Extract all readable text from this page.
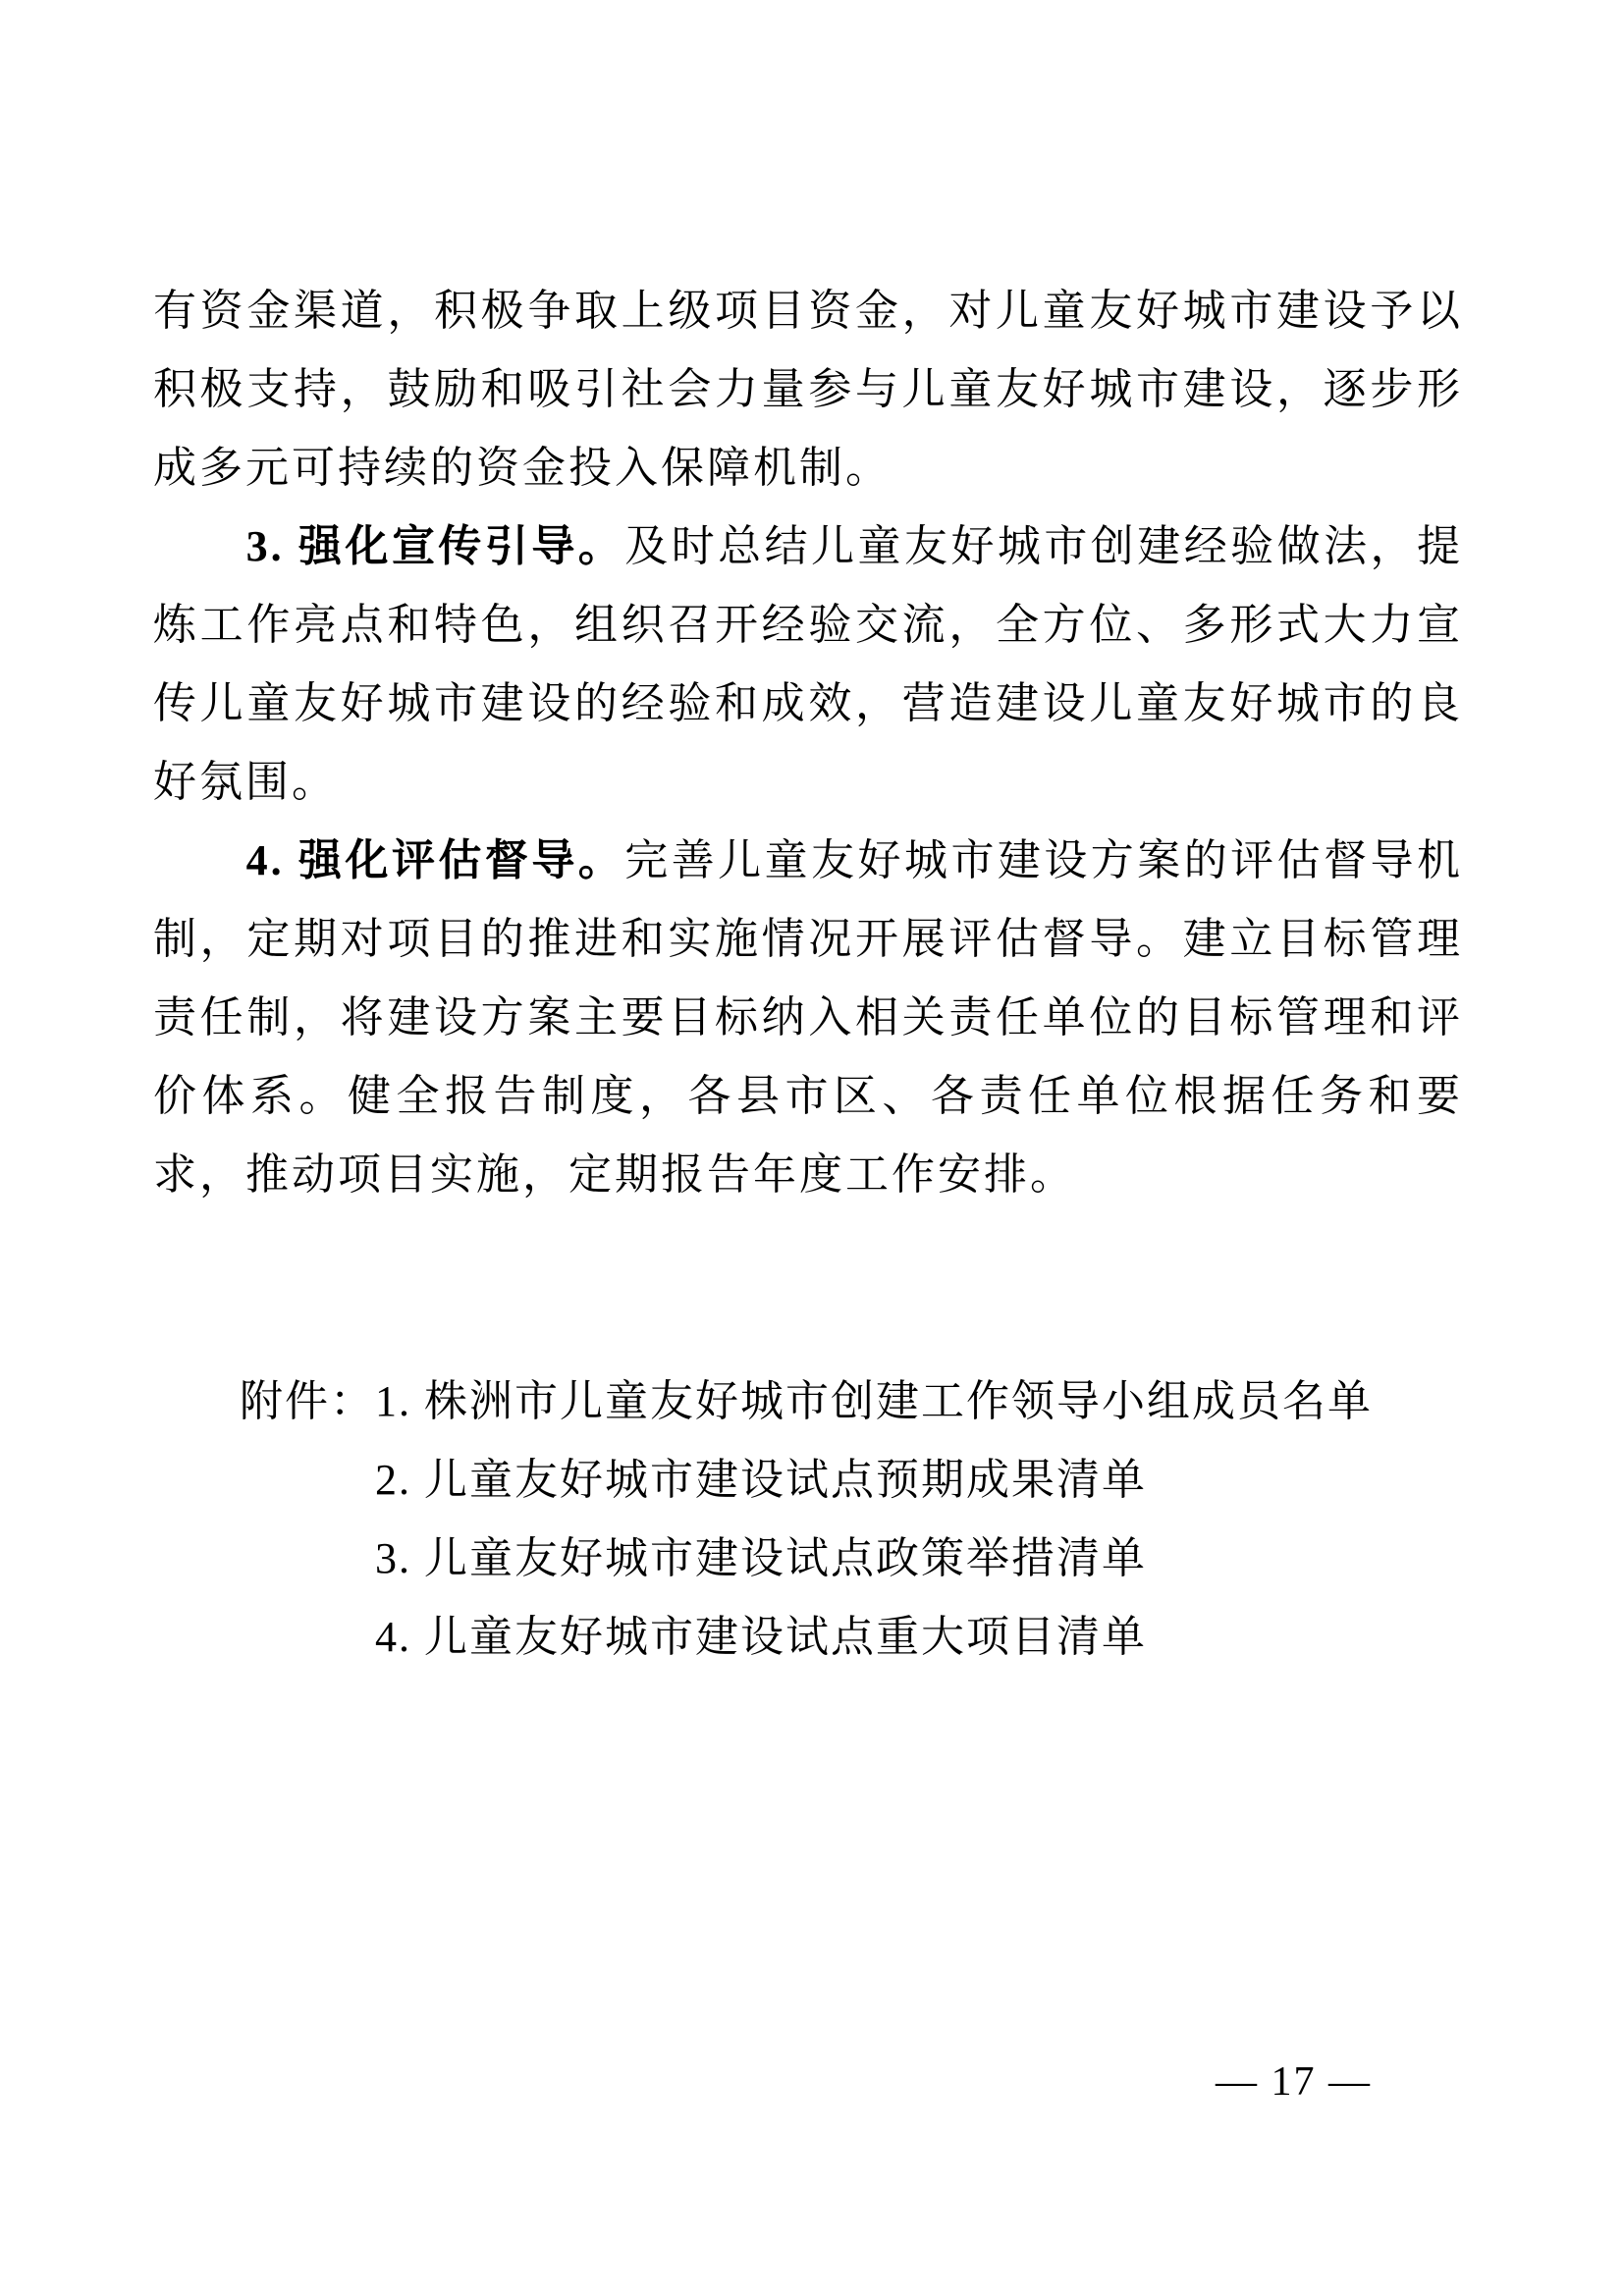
有资金渠道，积极争取上级项目资金，对儿童友好城市建设予以积极支持，鼓励和吸引社会力量参与儿童友好城市建设，逐步形成多元可持续的资金投入保障机制。

3. 强化宣传引导。及时总结儿童友好城市创建经验做法，提炼工作亮点和特色，组织召开经验交流，全方位、多形式大力宣传儿童友好城市建设的经验和成效，营造建设儿童友好城市的良好氛围。

4. 强化评估督导。完善儿童友好城市建设方案的评估督导机制，定期对项目的推进和实施情况开展评估督导。建立目标管理责任制，将建设方案主要目标纳入相关责任单位的目标管理和评价体系。健全报告制度，各县市区、各责任单位根据任务和要求，推动项目实施，定期报告年度工作安排。

附件： 1. 株洲市儿童友好城市创建工作领导小组成员名单
2. 儿童友好城市建设试点预期成果清单
3. 儿童友好城市建设试点政策举措清单
4. 儿童友好城市建设试点重大项目清单
— 17 —
